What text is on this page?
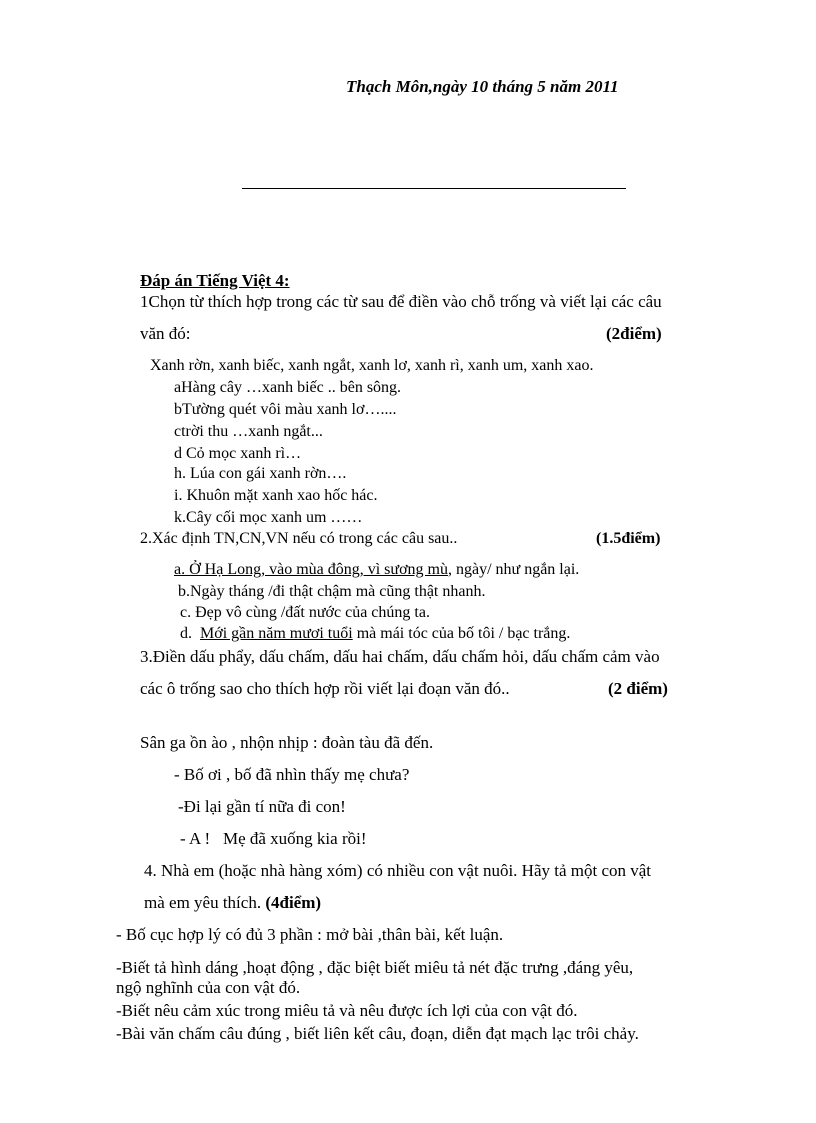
Thạch Môn,ngày 10 tháng 5 năm 2011
Đáp án Tiếng Việt 4:
1Chọn từ thích hợp trong các từ sau để điền vào chỗ trống và viết lại các câu
văn đó:	(2điểm)
Xanh rờn, xanh biếc, xanh ngắt, xanh lơ, xanh rì, xanh um, xanh xao.
aHàng cây …xanh biếc .. bên sông.
bTường quét vôi màu xanh lơ…....
ctrời thu …xanh ngắt...
d Cỏ mọc xanh rì…
h. Lúa con gái xanh rờn….
i. Khuôn mặt xanh xao hốc hác.
k.Cây cối mọc xanh um ……
2.Xác định TN,CN,VN nếu có trong các câu sau..	(1.5điểm)
a. Ở Hạ Long, vào mùa đông, vì sương mù, ngày/ như ngắn lại.
b.Ngày tháng /đi thật chậm mà cũng thật nhanh.
c. Đẹp vô cùng /đất nước của chúng ta.
d.  Mới gần năm mươi tuổi mà mái tóc của bố tôi / bạc trắng.
3.Điền dấu phẩy, dấu chấm, dấu hai chấm, dấu chấm hỏi, dấu chấm cảm vào
các ô trống sao cho thích hợp rồi viết lại đoạn văn đó..	(2 điểm)
Sân ga ồn ào , nhộn nhịp : đoàn tàu đã đến.
- Bố ơi , bố đã nhìn thấy mẹ chưa?
-Đi lại gần tí nữa đi con!
- A !   Mẹ đã xuống kia rồi!
4. Nhà em (hoặc nhà hàng xóm) có nhiều con vật nuôi. Hãy tả một con vật
mà em yêu thích. (4điểm)
- Bố cục hợp lý có đủ 3 phần : mở bài ,thân bài, kết luận.
-Biết tả hình dáng ,hoạt động , đặc biệt biết miêu tả nét đặc trưng ,đáng yêu,
ngộ nghĩnh của con vật đó.
-Biết nêu cảm xúc trong miêu tả và nêu được ích lợi của con vật đó.
-Bài văn chấm câu đúng , biết liên kết câu, đoạn, diễn đạt mạch lạc trôi chảy.
